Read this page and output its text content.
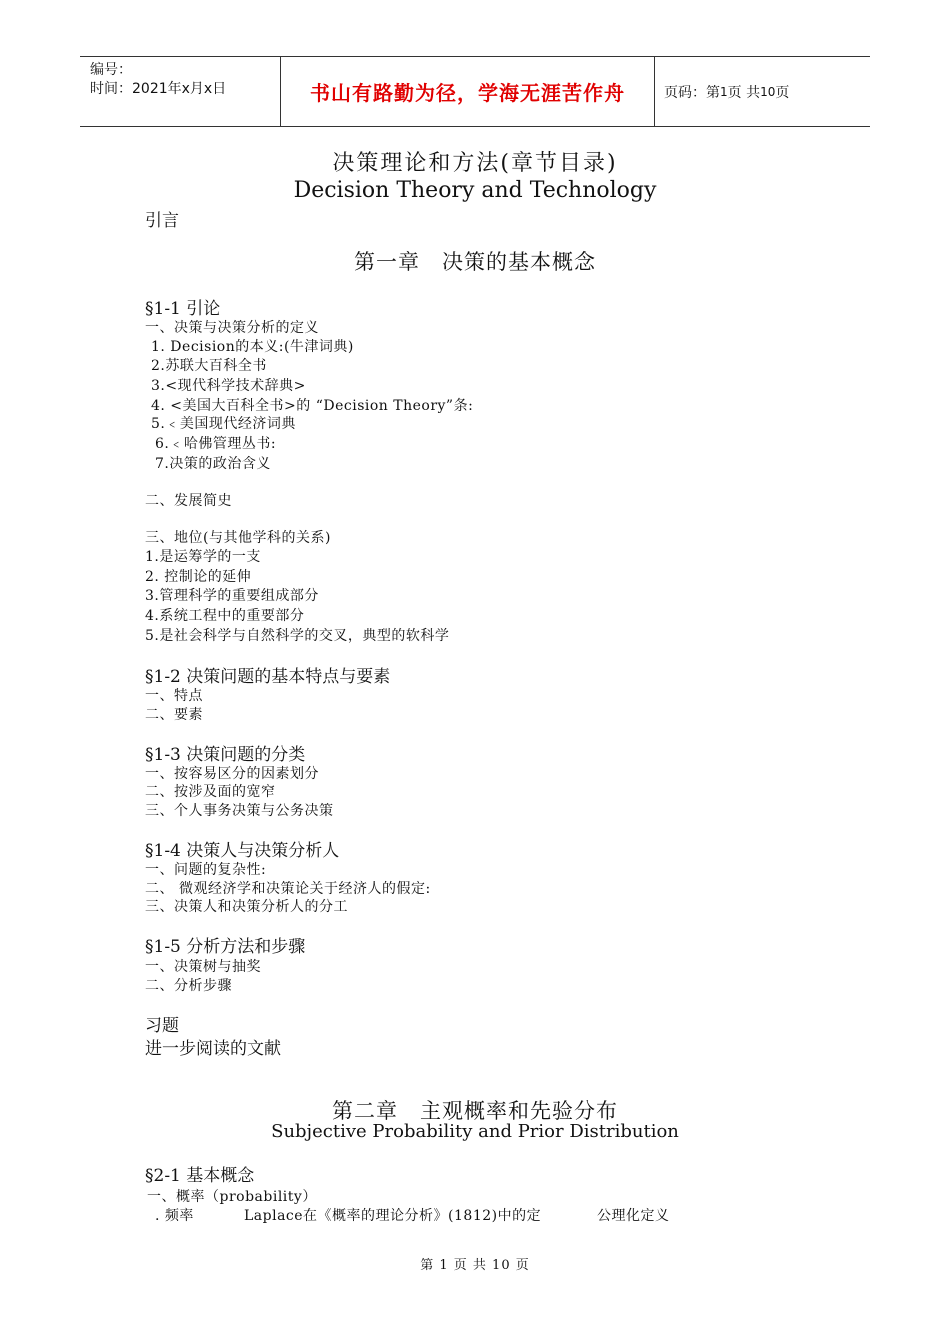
编号：
时间：2021年x月x日	书山有路勤为径，学海无涯苦作舟	页码：第 1 页 共 10 页
决策理论和方法(章节目录)
Decision Theory and Technology
引言
第一章　决策的基本概念
§1-1 引论
一、决策与决策分析的定义
1. Decision的本义:(牛津词典)
2.苏联大百科全书
3.<现代科学技术辞典>
4. <美国大百科全书>的 “Decision Theory”条:
5.﹤美国现代经济词典
6.﹤哈佛管理丛书:
7.决策的政治含义
二、发展简史
三、地位(与其他学科的关系)
1.是运筹学的一支
2. 控制论的延伸
3.管理科学的重要组成部分
4.系统工程中的重要部分
5.是社会科学与自然科学的交叉，典型的软科学
§1-2 决策问题的基本特点与要素
一、特点
二、要素
§1-3 决策问题的分类
一、按容易区分的因素划分
二、按涉及面的宽窄
三、个人事务决策与公务决策
§1-4 决策人与决策分析人
一、问题的复杂性:
二、 微观经济学和决策论关于经济人的假定:
三、决策人和决策分析人的分工
§1-5 分析方法和步骤
一、决策树与抽奖
二、分析步骤
习题
进一步阅读的文献
第二章　主观概率和先验分布
Subjective Probability and Prior Distribution
§2-1 基本概念
一、概率（probability）
. 频率	Laplace在《概率的理论分析》(1812)中的定	公理化定义
第 1 页 共 10 页
